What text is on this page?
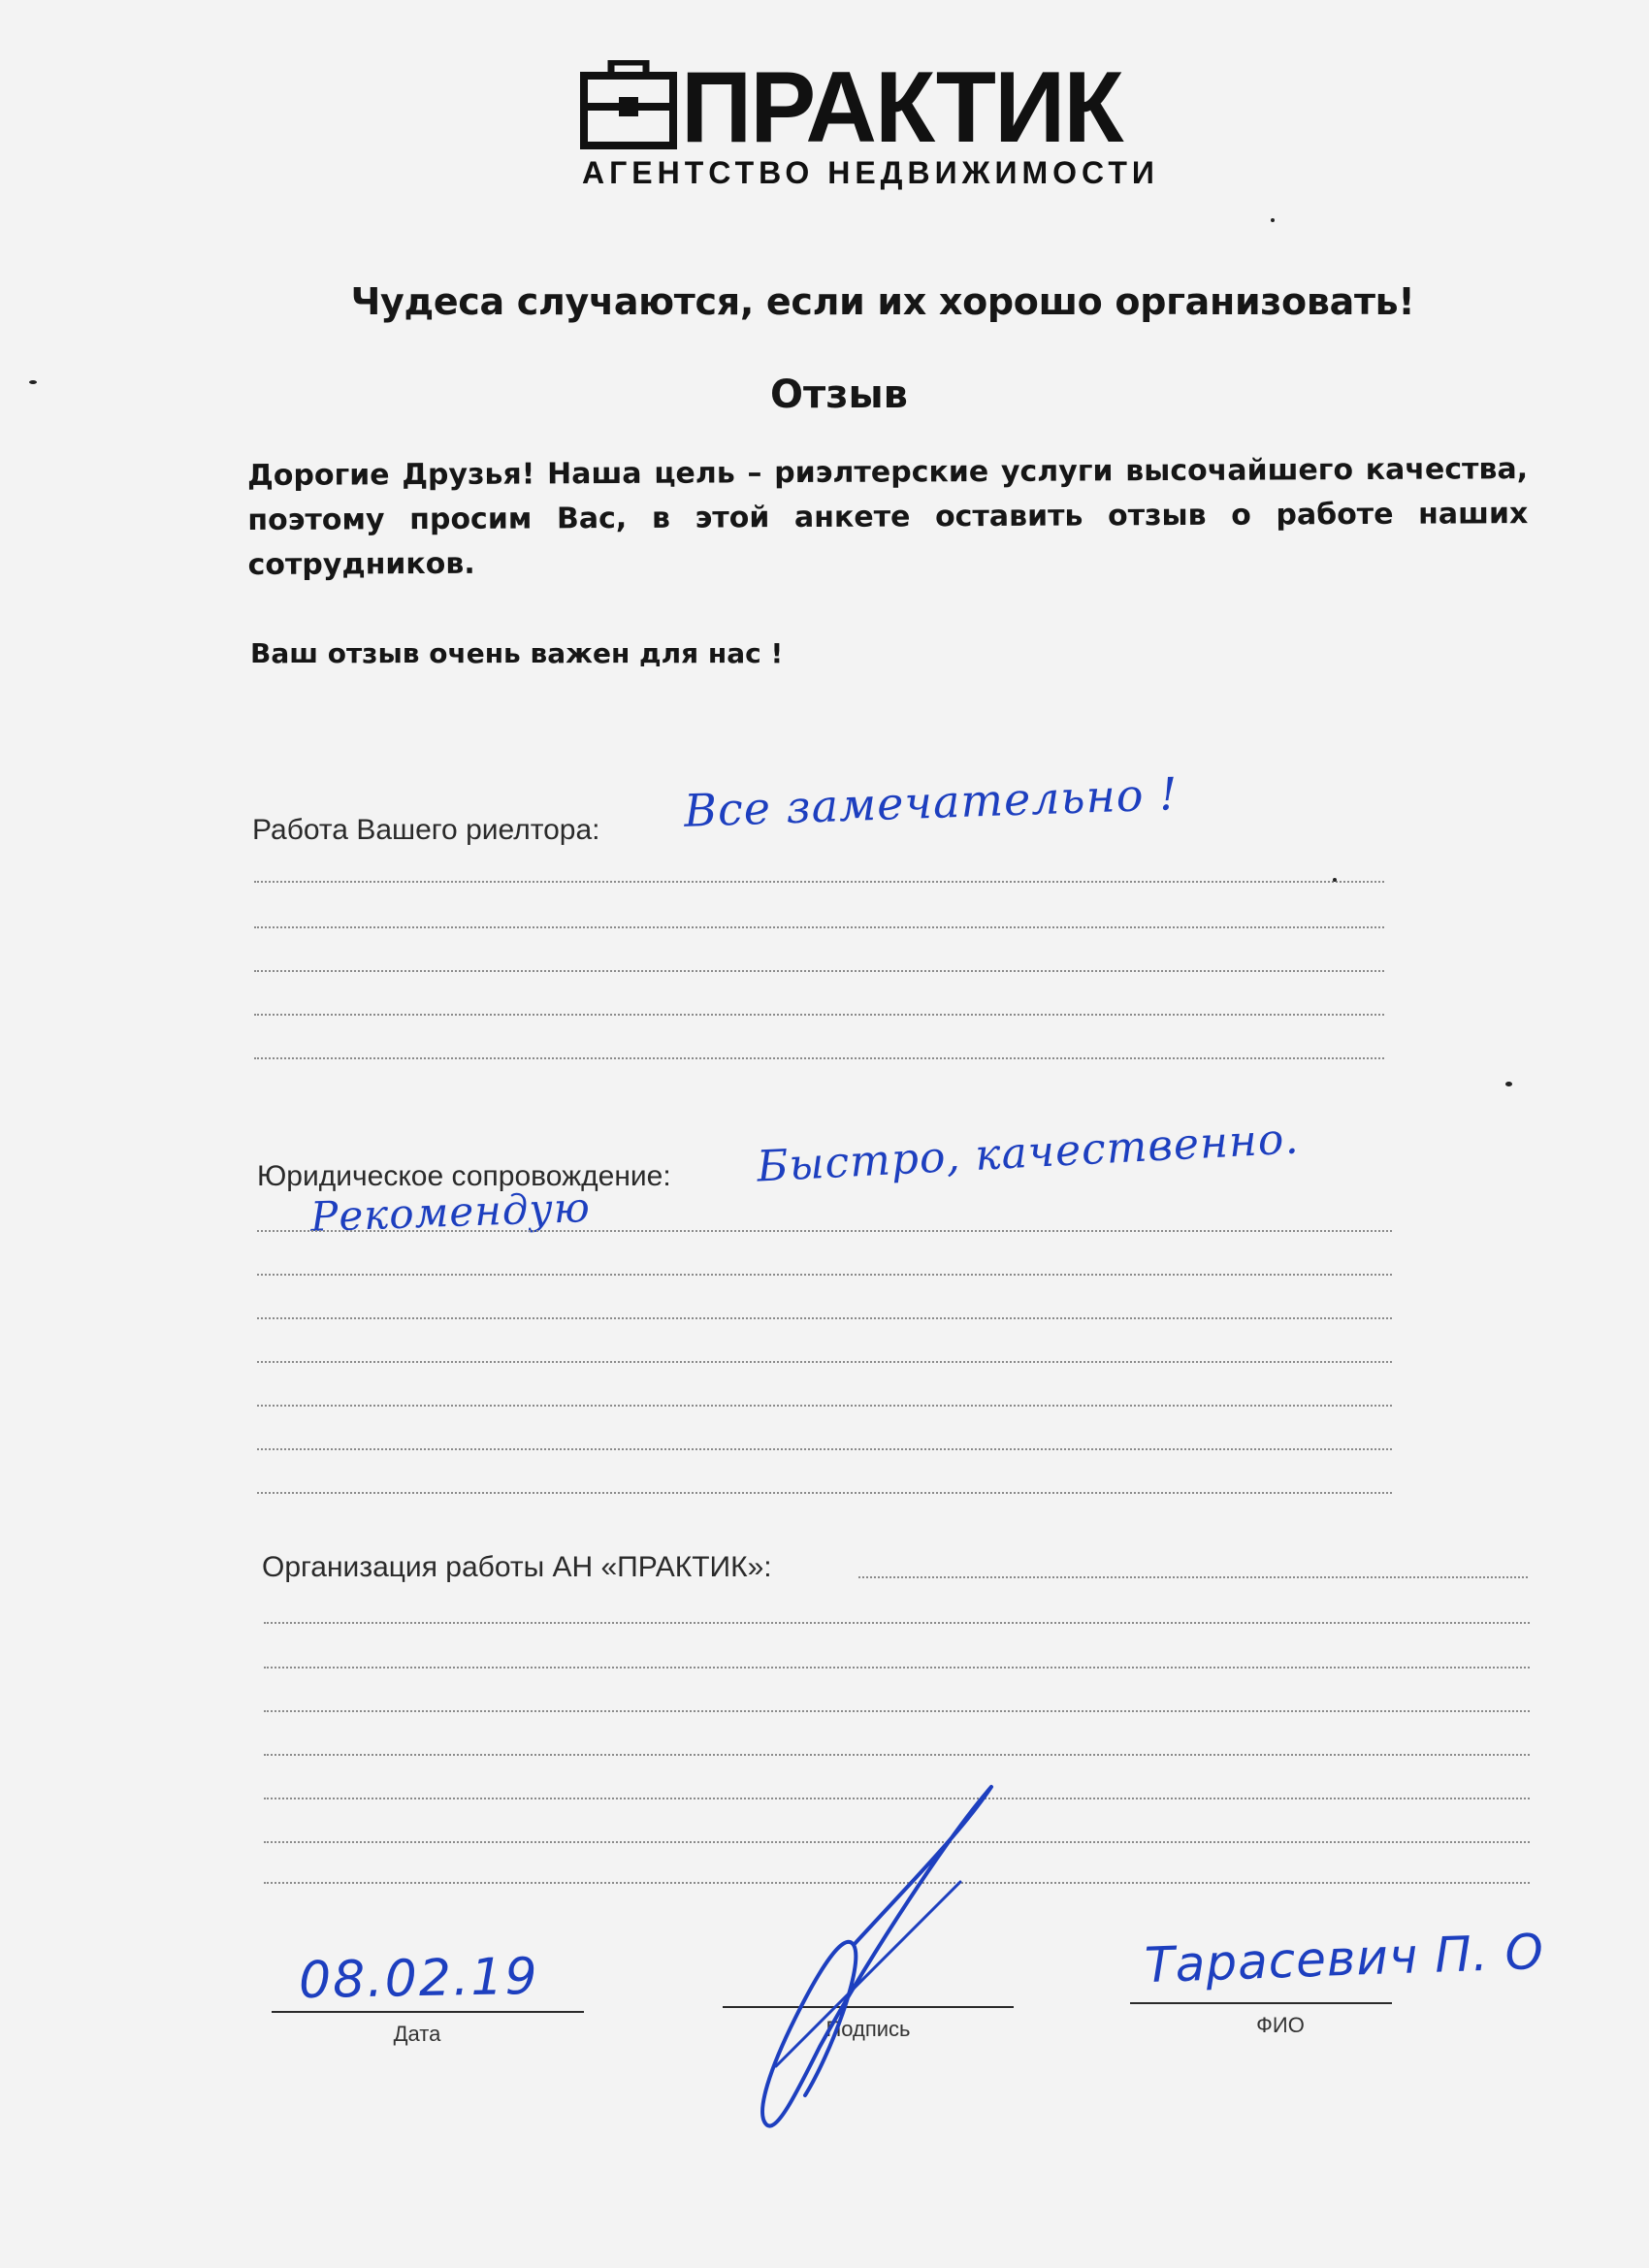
ПРАКТИК
АГЕНТСТВО НЕДВИЖИМОСТИ
Чудеса случаются, если их хорошо организовать!
Отзыв
Дорогие Друзья! Наша цель – риэлтерские услуги высочайшего качества, поэтому просим Вас, в этой анкете оставить отзыв о работе наших сотрудников.
Ваш отзыв очень важен для нас !
Работа Вашего риелтора: Все замечательно !
Юридическое сопровождение: Быстро, качественно.
Рекомендую
Организация работы АН «ПРАКТИК»:
08.02.19
Дата	Подпись
Тарасевич П. О
ФИО
